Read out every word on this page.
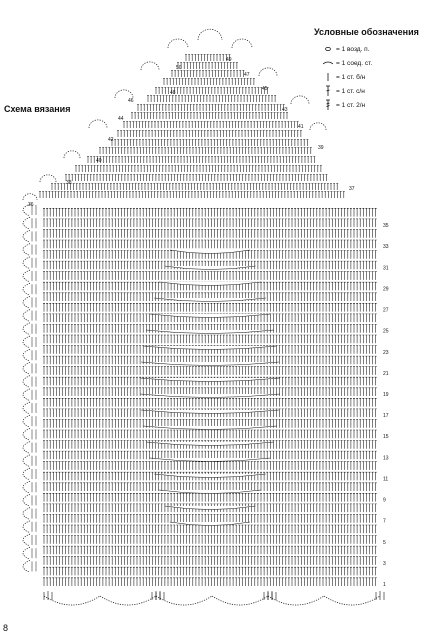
Условные обозначения
Схема вязания
= 1 возд. п.
= 1 соед. ст.
= 1 ст. б/н
= 1 ст. с/н
= 1 ст. 2/н
1
3
5
7
9
11
13
15
17
19
21
23
25
27
29
31
33
35
37
39
41
43
45
47
49
36
38
40
42
44
46
48
50
8
